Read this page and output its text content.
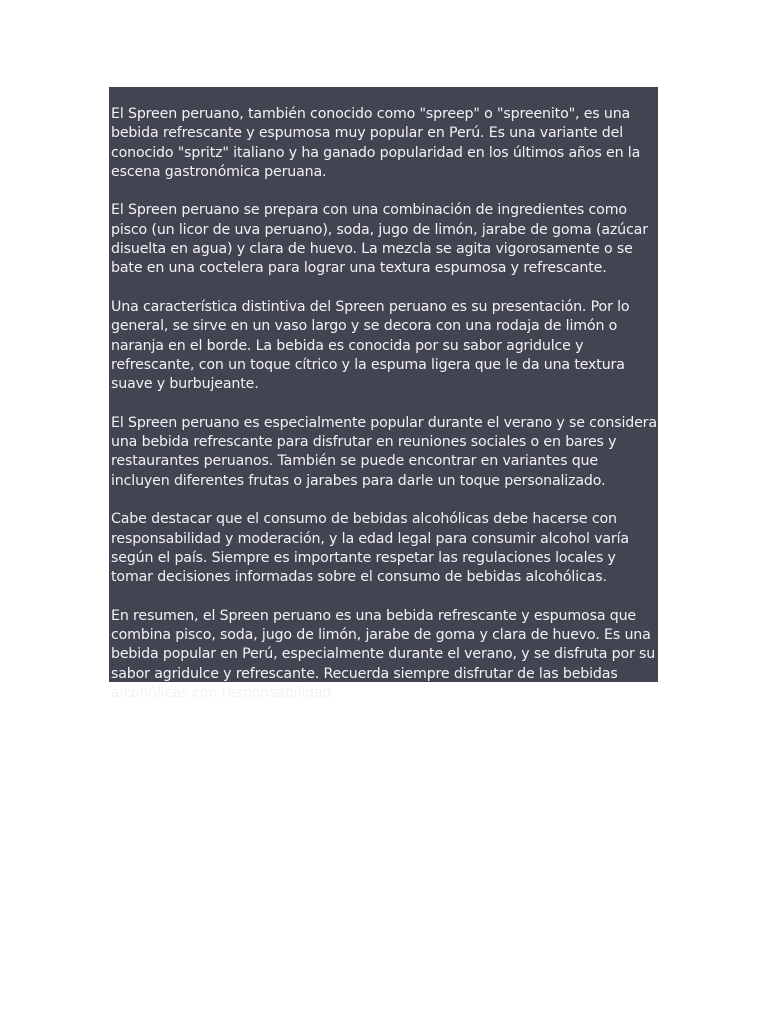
El Spreen peruano, también conocido como "spreep" o "spreenito", es una bebida refrescante y espumosa muy popular en Perú. Es una variante del conocido "spritz" italiano y ha ganado popularidad en los últimos años en la escena gastronómica peruana.

El Spreen peruano se prepara con una combinación de ingredientes como pisco (un licor de uva peruano), soda, jugo de limón, jarabe de goma (azúcar disuelta en agua) y clara de huevo. La mezcla se agita vigorosamente o se bate en una coctelera para lograr una textura espumosa y refrescante.

Una característica distintiva del Spreen peruano es su presentación. Por lo general, se sirve en un vaso largo y se decora con una rodaja de limón o naranja en el borde. La bebida es conocida por su sabor agridulce y refrescante, con un toque cítrico y la espuma ligera que le da una textura suave y burbujeante.

El Spreen peruano es especialmente popular durante el verano y se considera una bebida refrescante para disfrutar en reuniones sociales o en bares y restaurantes peruanos. También se puede encontrar en variantes que incluyen diferentes frutas o jarabes para darle un toque personalizado.

Cabe destacar que el consumo de bebidas alcohólicas debe hacerse con responsabilidad y moderación, y la edad legal para consumir alcohol varía según el país. Siempre es importante respetar las regulaciones locales y tomar decisiones informadas sobre el consumo de bebidas alcohólicas.

En resumen, el Spreen peruano es una bebida refrescante y espumosa que combina pisco, soda, jugo de limón, jarabe de goma y clara de huevo. Es una bebida popular en Perú, especialmente durante el verano, y se disfruta por su sabor agridulce y refrescante. Recuerda siempre disfrutar de las bebidas alcohólicas con responsabilidad.
